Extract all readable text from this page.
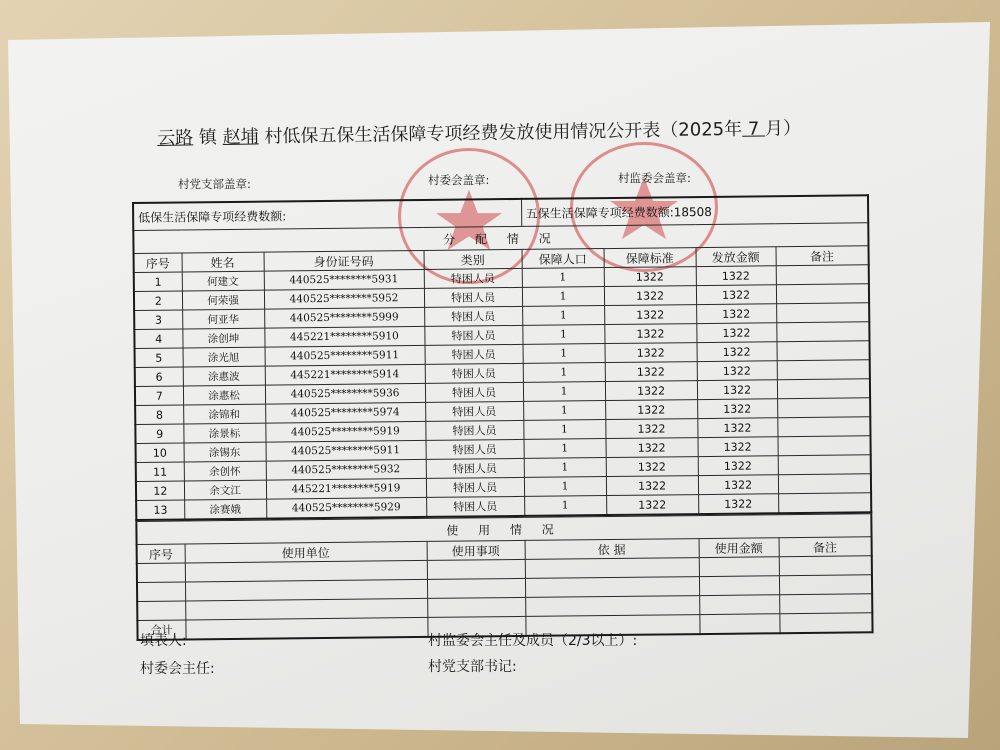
云路 镇 赵埔 村低保五保生活保障专项经费发放使用情况公开表（2025年 7 月）
村党支部盖章:	村委会盖章:	村监委会盖章:
低保生活保障专项经费数额:				五保生活保障专项经费数额:18508			
分 配 情 况							
序号	姓名	身份证号码	类别	保障人口	保障标准	发放金额	备注
1	何建文	440525********5931	特困人员	1	1322	1322	
2	何荣强	440525********5952	特困人员	1	1322	1322	
3	何亚华	440525********5999	特困人员	1	1322	1322	
4	涂创坤	445221********5910	特困人员	1	1322	1322	
5	涂光旭	440525********5911	特困人员	1	1322	1322	
6	涂惠波	445221********5914	特困人员	1	1322	1322	
7	涂惠松	440525********5936	特困人员	1	1322	1322	
8	涂锦和	440525********5974	特困人员	1	1322	1322	
9	涂景标	440525********5919	特困人员	1	1322	1322	
10	涂锡东	440525********5911	特困人员	1	1322	1322	
11	余创怀	440525********5932	特困人员	1	1322	1322	
12	余文江	445221********5919	特困人员	1	1322	1322	
13	涂赛娥	440525********5929	特困人员	1	1322	1322	
使 用 情 况					
序号	使用单位	使用事项	依 据	使用金额	备注

合计					
填表人:	村监委会主任及成员（2/3以上）:
村委会主任:	村党支部书记:
